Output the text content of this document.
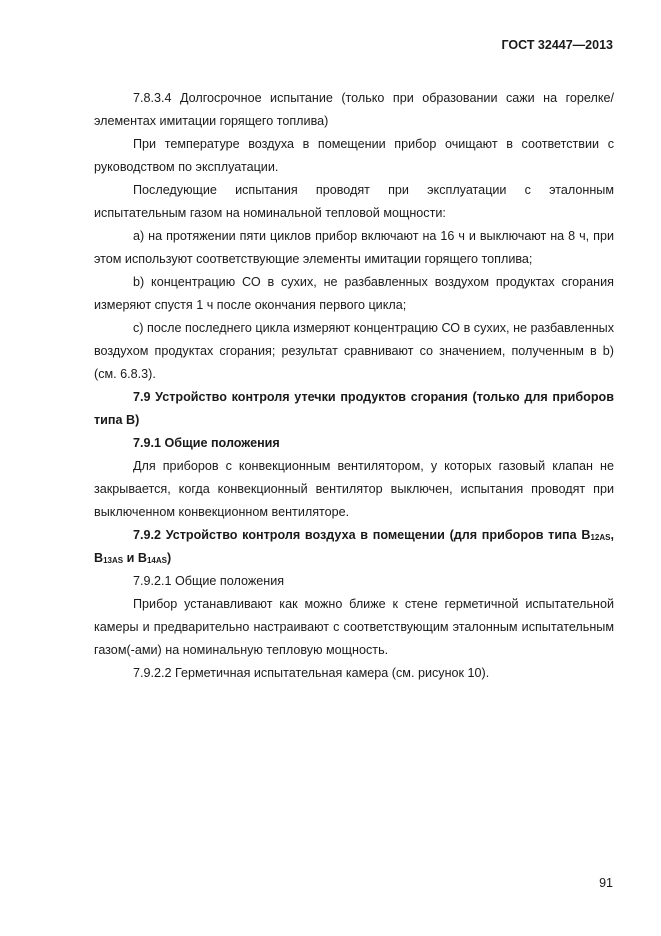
ГОСТ 32447—2013

7.8.3.4 Долгосрочное испытание (только при образовании сажи на горелке/элементах имитации горящего топлива)

При температуре воздуха в помещении прибор очищают в соответствии с руководством по эксплуатации.

Последующие испытания проводят при эксплуатации с эталонным испытательным газом на номинальной тепловой мощности:

а) на протяжении пяти циклов прибор включают на 16 ч и выключают на 8 ч, при этом используют соответствующие элементы имитации горящего топлива;

b) концентрацию СО в сухих, не разбавленных воздухом продуктах сгорания измеряют спустя 1 ч после окончания первого цикла;

с) после последнего цикла измеряют концентрацию СО в сухих, не разбавленных воздухом продуктах сгорания; результат сравнивают со значением, полученным в b) (см. 6.8.3).

7.9 Устройство контроля утечки продуктов сгорания (только для приборов типа В)

7.9.1 Общие положения

Для приборов с конвекционным вентилятором, у которых газовый клапан не закрывается, когда конвекционный вентилятор выключен, испытания проводят при выключенном конвекционном вентиляторе.

7.9.2 Устройство контроля воздуха в помещении (для приборов типа $B_{12AS}$, $B_{13AS}$ и $B_{14AS}$)

7.9.2.1 Общие положения

Прибор устанавливают как можно ближе к стене герметичной испытательной камеры и предварительно настраивают с соответствующим эталонным испытательным газом(-ами) на номинальную тепловую мощность.

7.9.2.2 Герметичная испытательная камера (см. рисунок 10).

91
